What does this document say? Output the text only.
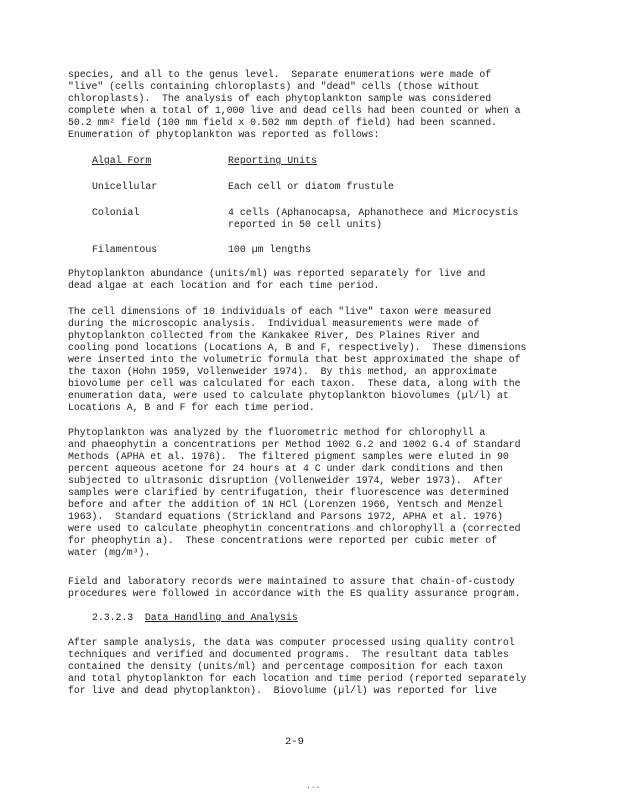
species, and all to the genus level.  Separate enumerations were made of
"live" (cells containing chloroplasts) and "dead" cells (those without
chloroplasts).  The analysis of each phytoplankton sample was considered
complete when a total of 1,000 live and dead cells had been counted or when a
50.2 mm² field (100 mm field x 0.502 mm depth of field) had been scanned.
Enumeration of phytoplankton was reported as follows:
Algal Form	Reporting Units
Unicellular	Each cell or diatom frustule
Colonial	4 cells (Aphanocapsa, Aphanothece and Microcystis
reported in 50 cell units)
Filamentous	100 µm lengths
Phytoplankton abundance (units/ml) was reported separately for live and
dead algae at each location and for each time period.
The cell dimensions of 10 individuals of each "live" taxon were measured
during the microscopic analysis.  Individual measurements were made of
phytoplankton collected from the Kankakee River, Des Plaines River and
cooling pond locations (Locations A, B and F, respectively).  These dimensions
were inserted into the volumetric formula that best approximated the shape of
the taxon (Hohn 1959, Vollenweider 1974).  By this method, an approximate
biovolume per cell was calculated for each taxon.  These data, along with the
enumeration data, were used to calculate phytoplankton biovolumes (µl/l) at
Locations A, B and F for each time period.
Phytoplankton was analyzed by the fluorometric method for chlorophyll a
and phaeophytin a concentrations per Method 1002 G.2 and 1002 G.4 of Standard
Methods (APHA et al. 1976).  The filtered pigment samples were eluted in 90
percent aqueous acetone for 24 hours at 4 C under dark conditions and then
subjected to ultrasonic disruption (Vollenweider 1974, Weber 1973).  After
samples were clarified by centrifugation, their fluorescence was determined
before and after the addition of 1N HCl (Lorenzen 1966, Yentsch and Menzel
1963).  Standard equations (Strickland and Parsons 1972, APHA et al. 1976)
were used to calculate pheophytin concentrations and chlorophyll a (corrected
for pheophytin a).  These concentrations were reported per cubic meter of
water (mg/m³).
Field and laboratory records were maintained to assure that chain-of-custody
procedures were followed in accordance with the ES quality assurance program.
2.3.2.3 Data Handling and Analysis
After sample analysis, the data was computer processed using quality control
techniques and verified and documented programs.  The resultant data tables
contained the density (units/ml) and percentage composition for each taxon
and total phytoplankton for each location and time period (reported separately
for live and dead phytoplankton).  Biovolume (µl/l) was reported for live
2-9
...
